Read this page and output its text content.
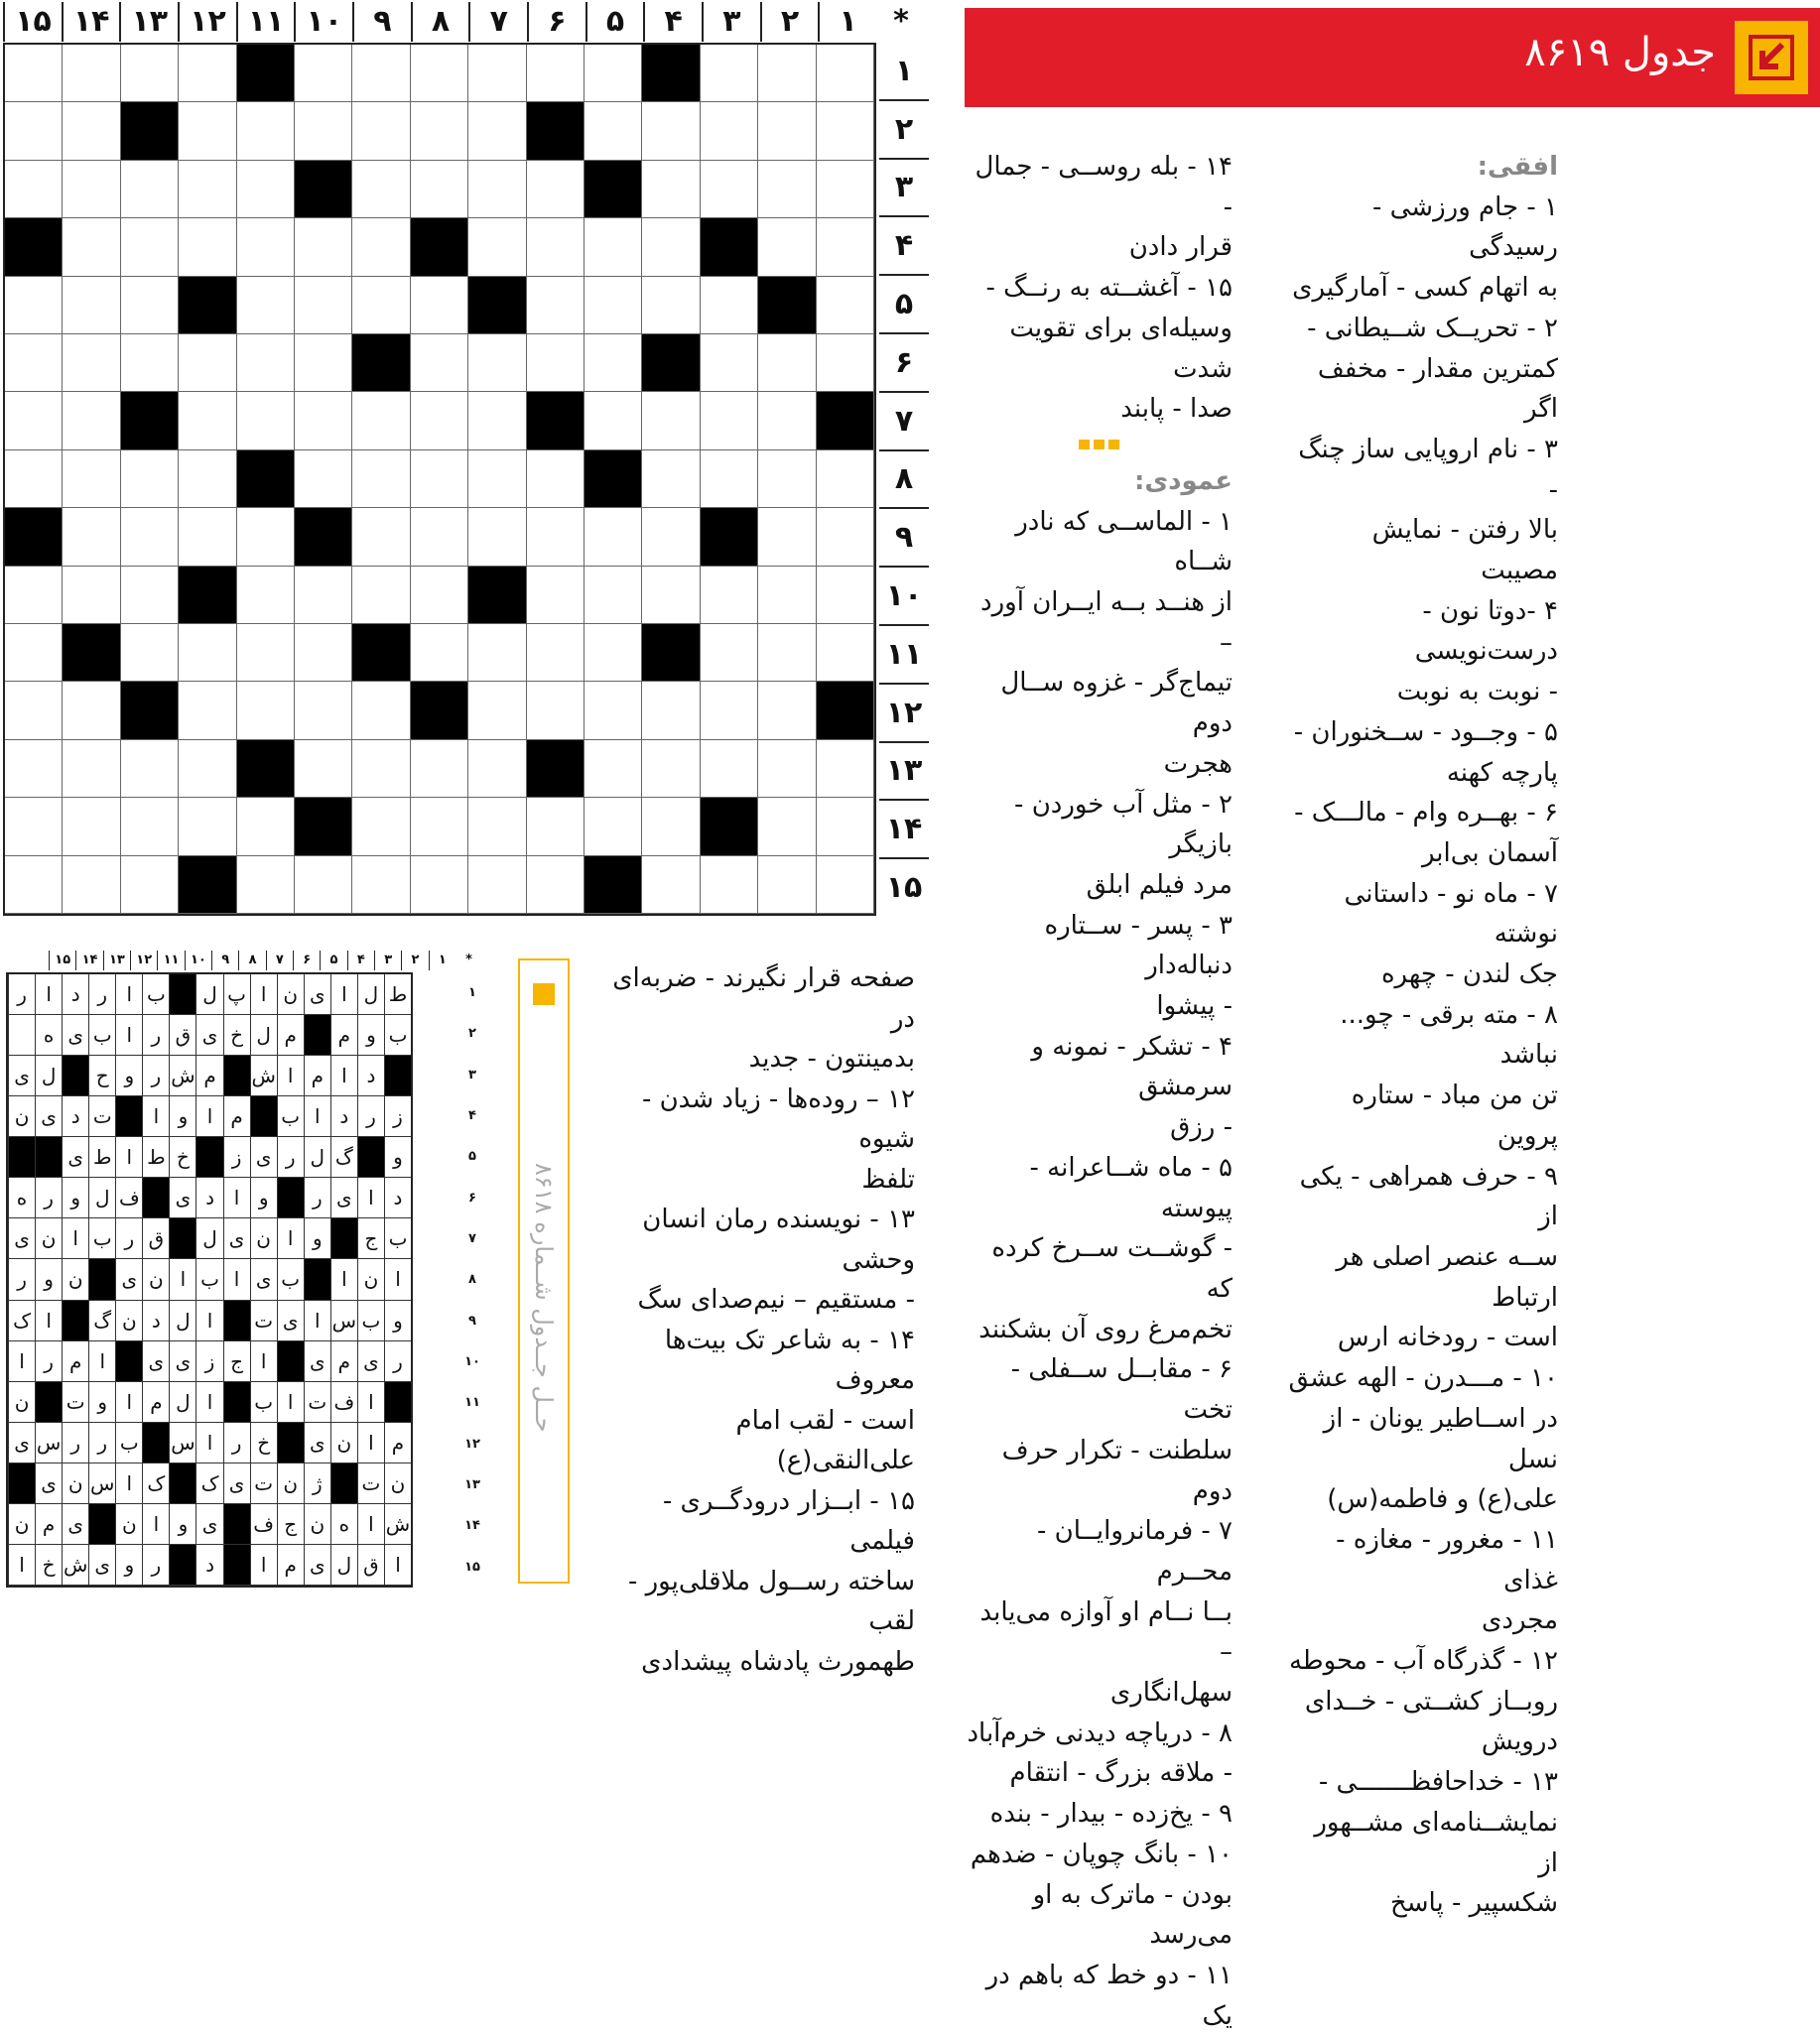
جدول ۸۶۱۹
*
۱
۲
۳
۴
۵
۶
۷
۸
۹
۱۰
۱۱
۱۲
۱۳
۱۴
۱۵
۱
۲
۳
۴
۵
۶
۷
۸
۹
۱۰
۱۱
۱۲
۱۳
۱۴
۱۵

افقی:

۱ - جام ورزشی - رسیدگی

به اتهام کسی - آمارگیری

۲ - تحریــک شــیطانی -

کمترین مقدار - مخفف اگر

۳ - نام اروپایی ساز چنگ -

بالا رفتن - نمایش مصیبت

۴ -دوتا نون - درست‌نویسی

- نوبت به نوبت

۵ - وجــود - ســخنوران -

پارچه کهنه

۶ - بهــره وام - مالـــک -

آسمان بی‌ابر

۷ - ماه نو - داستانی نوشته

جک لندن - چهره

۸ - مته برقی - چو... نباشد

تن من مباد - ستاره پروین

۹ - حرف همراهی - یکی از

ســه عنصر اصلی هر ارتباط

است - رودخانه ارس

۱۰ - مـــدرن - الهه عشق

در اســاطیر یونان - از نسل

علی(ع) و فاطمه(س)

۱۱ - مغرور - مغازه - غذای

مجردی

۱۲ - گذرگاه آب - محوطه

روبــاز کشــتی - خــدای

درویش

۱۳ - خداحافظـــــــی -

نمایشــنامه‌ای مشــهور از

شکسپیر - پاسخ

۱۴ - بله روســی - جمال -

قرار دادن

۱۵ - آغشــته به رنــگ -

وسیله‌ای برای تقویت شدت

صدا - پابند

عمودی:

۱ - الماســی که نادر شــاه

از هنــد بــه ایــران آورد –

تیماج‌گر - غزوه ســال دوم

هجرت

۲ - مثل آب خوردن - بازیگر

مرد فیلم ابلق

۳ - پسر - ســتاره دنباله‌دار

- پیشوا

۴ - تشکر - نمونه و سرمشق

- رزق

۵ - ماه شــاعرانه - پیوسته

- گوشــت ســرخ کرده که

تخم‌مرغ روی آن بشکنند

۶ - مقابــل ســفلی - تخت

سلطنت - تکرار حرف دوم

۷ - فرمانروایــان - محــرم

بــا نــام او آوازه می‌یابد –

سهل‌انگاری

۸ - دریاچه دیدنی خرم‌آباد

- ملاقه بزرگ - انتقام

۹ - یخ‌زده - بیدار - بنده

۱۰ - بانگ چوپان - ضدهم

بودن - ماترک به او می‌رسد

۱۱ - دو خط که باهم در یک

صفحه قرار نگیرند - ضربه‌ای در

بدمینتون - جدید

۱۲ – روده‌ها - زیاد شدن - شیوه

تلفظ

۱۳ - نویسنده رمان انسان وحشی

- مستقیم – نیم‌صدای سگ

۱۴ - به شاعر تک بیت‌ها معروف

است - لقب امام علی‌النقی(ع)

۱۵ - ابــزار درودگــری - فیلمی

ساخته رســول ملاقلی‌پور - لقب

طهمورث پادشاه پیشدادی

حــل جــدول شــماره ۸۶۱۸
*
۱
۲
۳
۴
۵
۶
۷
۸
۹
۱۰
۱۱
۱۲
۱۳
۱۴
۱۵
ط
ل
ا
ی
ن
ا
پ
ل
ب
ا
ر
د
ا
ر
ب
و
م
م
ل
خ
ی
ق
ر
ا
ب
ی
ه
د
ا
م
ا
ش
م
ش
ر
و
ح
ل
ی
ز
ر
د
ا
ب
م
ا
و
ا
ت
د
ی
ن
و
گ
ل
ر
ی
ز
خ
ط
ا
ط
ی
د
ا
ی
ر
و
ا
د
ی
ف
ل
و
ر
ه
ب
ج
و
ا
ن
ی
ل
ق
ر
ب
ا
ن
ی
ا
ن
ا
ب
ی
ا
ب
ا
ن
ی
ن
و
ر
و
ب
س
ا
ی
ت
ا
ل
د
ن
گ
ا
ک
ر
ی
م
ی
ا
ج
ز
ی
ی
ا
م
ر
ا
ا
ف
ت
ا
ب
ا
ل
م
ا
و
ت
ن
م
ا
ن
ی
خ
ر
ا
س
ب
ر
ر
س
ی
ن
ت
ژ
ن
ت
ی
ک
ک
ا
س
ن
ی
ش
ا
ه
ن
ج
ف
ی
و
ا
ن
ی
م
ن
ا
ق
ل
ی
م
ا
د
ر
و
ی
ش
خ
ا
۱
۲
۳
۴
۵
۶
۷
۸
۹
۱۰
۱۱
۱۲
۱۳
۱۴
۱۵
